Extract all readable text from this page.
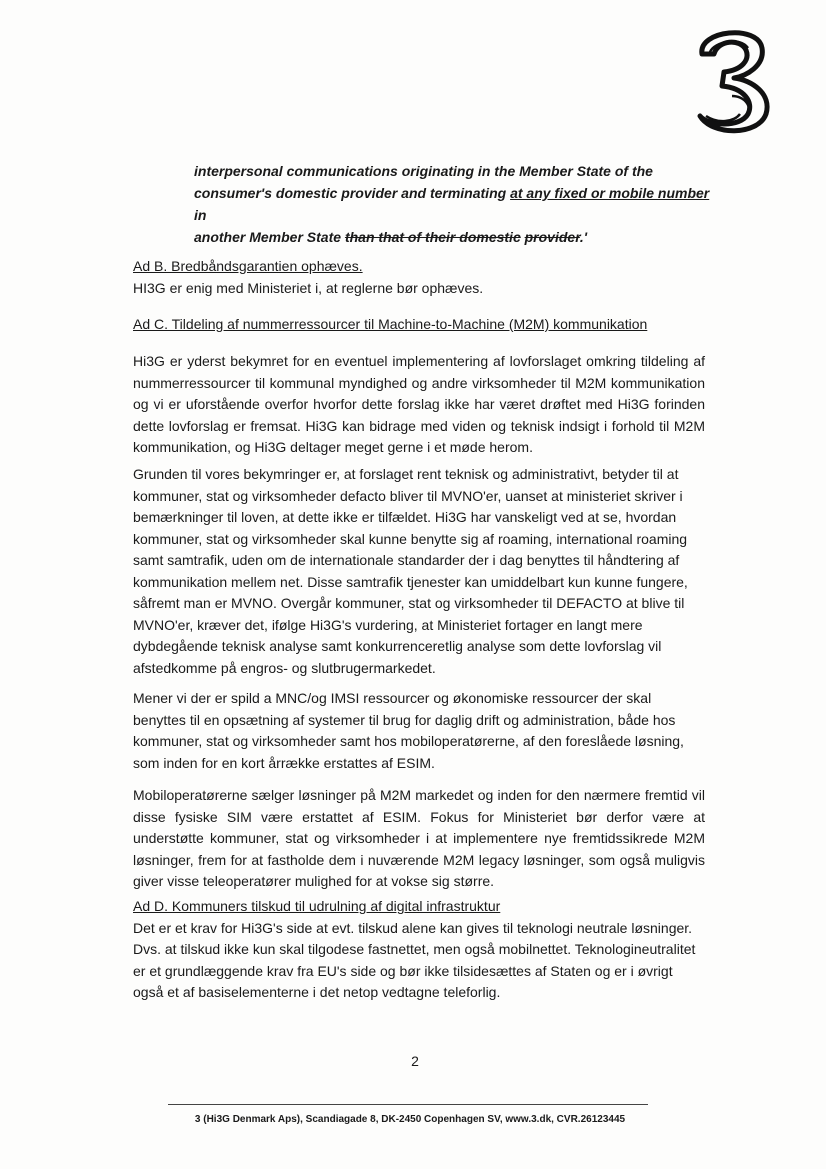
interpersonal communications originating in the Member State of the
consumer's domestic provider and terminating at any fixed or mobile number in
another Member State than that of their domestic provider.'
Ad B. Bredbåndsgarantien ophæves.
HI3G er enig med Ministeriet i, at reglerne bør ophæves.
Ad C. Tildeling af nummerressourcer til Machine-to-Machine (M2M) kommunikation

Hi3G er yderst bekymret for en eventuel implementering af lovforslaget omkring tildeling af nummerressourcer til kommunal myndighed og andre virksomheder til M2M kommunikation og vi er uforstående overfor hvorfor dette forslag ikke har været drøftet med Hi3G forinden dette lovforslag er fremsat. Hi3G kan bidrage med viden og teknisk indsigt i forhold til M2M kommunikation, og Hi3G deltager meget gerne i et møde herom.

Grunden til vores bekymringer er, at forslaget rent teknisk og administrativt, betyder til at kommuner, stat og virksomheder defacto bliver til MVNO'er, uanset at ministeriet skriver i bemærkninger til loven, at dette ikke er tilfældet. Hi3G har vanskeligt ved at se, hvordan kommuner, stat og virksomheder skal kunne benytte sig af roaming, international roaming samt samtrafik, uden om de internationale standarder der i dag benyttes til håndtering af kommunikation mellem net. Disse samtrafik tjenester kan umiddelbart kun kunne fungere, såfremt man er MVNO. Overgår kommuner, stat og virksomheder til DEFACTO at blive til MVNO'er, kræver det, ifølge Hi3G's vurdering, at Ministeriet fortager en langt mere dybdegående teknisk analyse samt konkurrenceretlig analyse som dette lovforslag vil afstedkomme på engros- og slutbrugermarkedet.

Mener vi der er spild a MNC/og IMSI ressourcer og økonomiske ressourcer der skal benyttes til en opsætning af systemer til brug for daglig drift og administration, både hos kommuner, stat og virksomheder samt hos mobiloperatørerne, af den foreslåede løsning, som inden for en kort årrække erstattes af ESIM.

Mobiloperatørerne sælger løsninger på M2M markedet og inden for den nærmere fremtid vil disse fysiske SIM være erstattet af ESIM. Fokus for Ministeriet bør derfor være at understøtte kommuner, stat og virksomheder i at implementere nye fremtidssikrede M2M løsninger, frem for at fastholde dem i nuværende M2M legacy løsninger, som også muligvis giver visse teleoperatører mulighed for at vokse sig større.

Ad D. Kommuners tilskud til udrulning af digital infrastruktur
Det er et krav for Hi3G's side at evt. tilskud alene kan gives til teknologi neutrale løsninger. Dvs. at tilskud ikke kun skal tilgodese fastnettet, men også mobilnettet. Teknologineutralitet er et grundlæggende krav fra EU's side og bør ikke tilsidesættes af Staten og er i øvrigt også et af basiselementerne i det netop vedtagne teleforlig.
2
3 (Hi3G Denmark Aps), Scandiagade 8, DK-2450 Copenhagen SV, www.3.dk, CVR.26123445
